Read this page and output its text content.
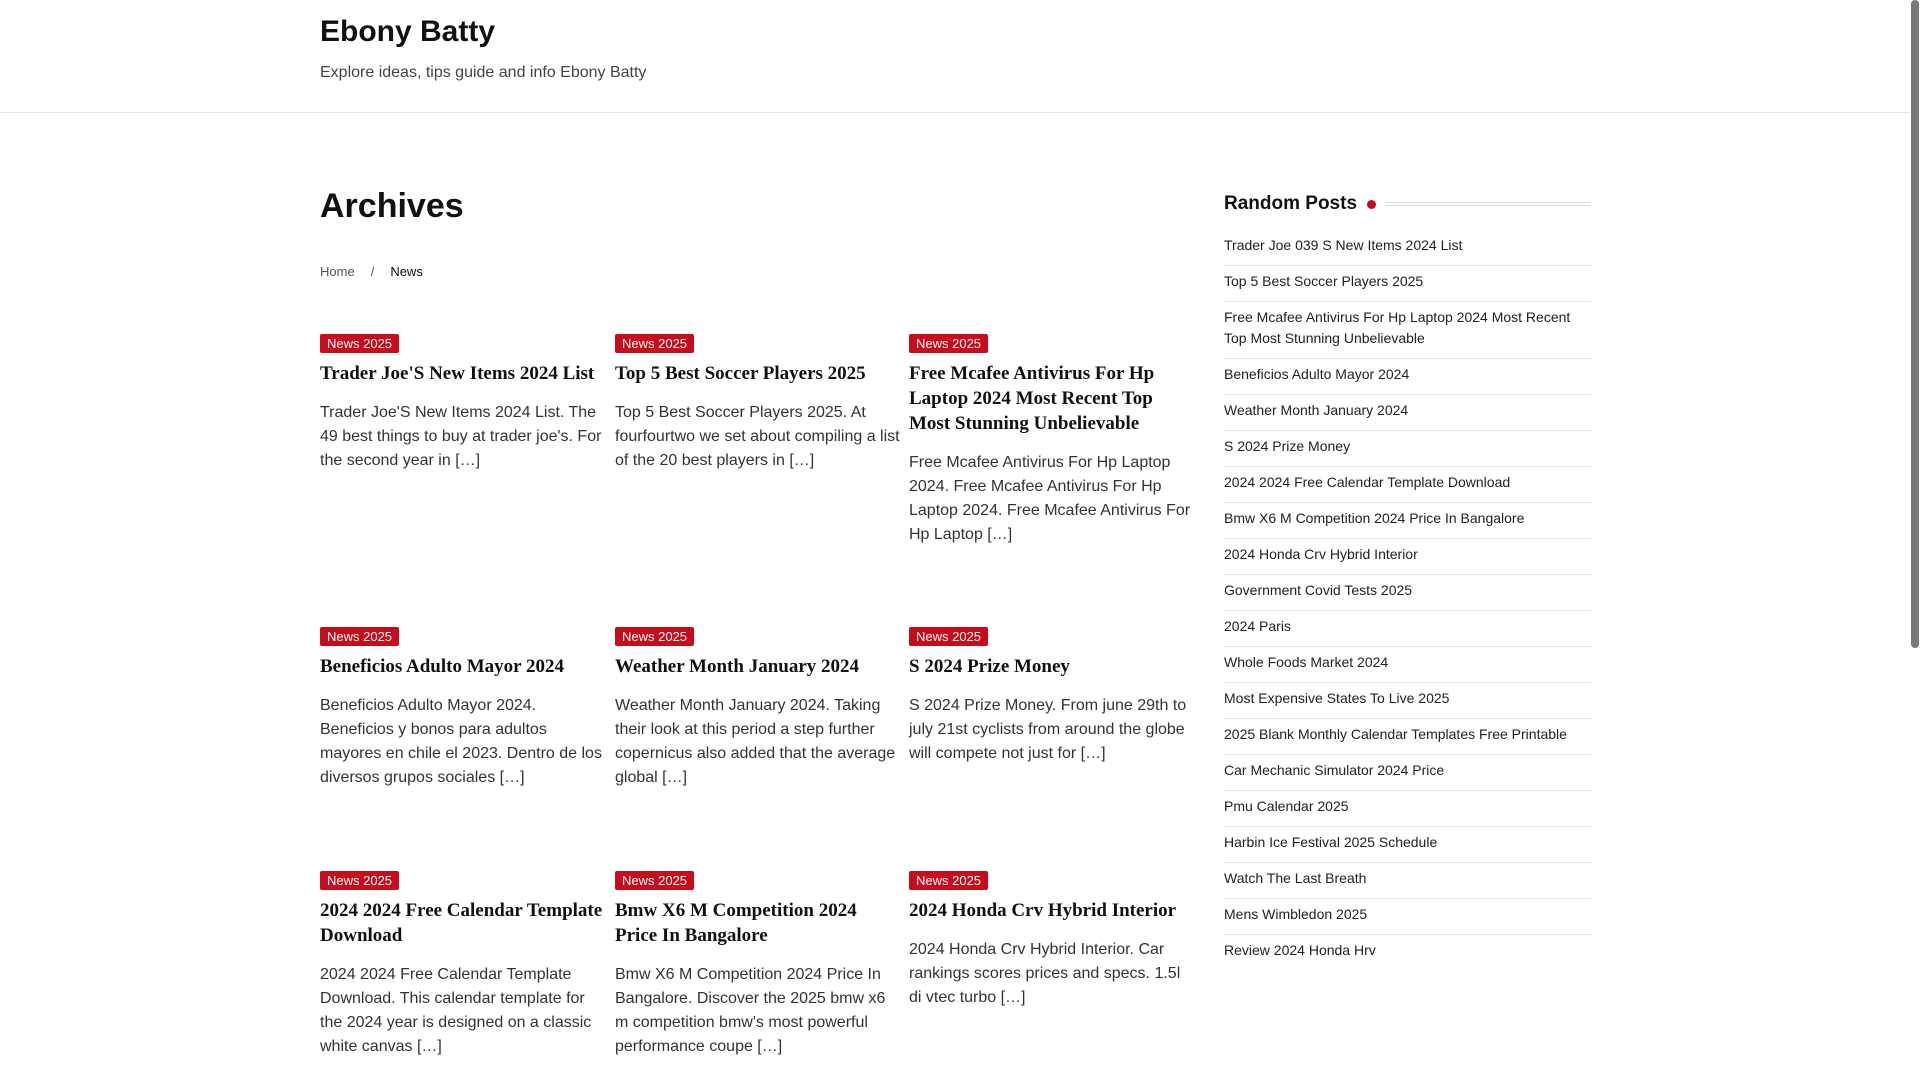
Ebony Batty
Explore ideas, tips guide and info Ebony Batty
Archives
Home / News
News 2025
Trader Joe'S New Items 2024 List
Trader Joe'S New Items 2024 List. The 49 best things to buy at trader joe's. For the second year in […]
News 2025
Top 5 Best Soccer Players 2025
Top 5 Best Soccer Players 2025. At fourfourtwo we set about compiling a list of the 20 best players in […]
News 2025
Free Mcafee Antivirus For Hp Laptop 2024 Most Recent Top Most Stunning Unbelievable
Free Mcafee Antivirus For Hp Laptop 2024. Free Mcafee Antivirus For Hp Laptop 2024. Free Mcafee Antivirus For Hp Laptop […]
News 2025
Beneficios Adulto Mayor 2024
Beneficios Adulto Mayor 2024. Beneficios y bonos para adultos mayores en chile el 2023. Dentro de los diversos grupos sociales […]
News 2025
Weather Month January 2024
Weather Month January 2024. Taking their look at this period a step further copernicus also added that the average global […]
News 2025
S 2024 Prize Money
S 2024 Prize Money. From june 29th to july 21st cyclists from around the globe will compete not just for […]
News 2025
2024 2024 Free Calendar Template Download
2024 2024 Free Calendar Template Download. This calendar template for the 2024 year is designed on a classic white canvas […]
News 2025
Bmw X6 M Competition 2024 Price In Bangalore
Bmw X6 M Competition 2024 Price In Bangalore. Discover the 2025 bmw x6 m competition bmw's most powerful performance coupe […]
News 2025
2024 Honda Crv Hybrid Interior
2024 Honda Crv Hybrid Interior. Car rankings scores prices and specs. 1.5l di vtec turbo […]
Random Posts
Trader Joe 039 S New Items 2024 List
Top 5 Best Soccer Players 2025
Free Mcafee Antivirus For Hp Laptop 2024 Most Recent Top Most Stunning Unbelievable
Beneficios Adulto Mayor 2024
Weather Month January 2024
S 2024 Prize Money
2024 2024 Free Calendar Template Download
Bmw X6 M Competition 2024 Price In Bangalore
2024 Honda Crv Hybrid Interior
Government Covid Tests 2025
2024 Paris
Whole Foods Market 2024
Most Expensive States To Live 2025
2025 Blank Monthly Calendar Templates Free Printable
Car Mechanic Simulator 2024 Price
Pmu Calendar 2025
Harbin Ice Festival 2025 Schedule
Watch The Last Breath
Mens Wimbledon 2025
Review 2024 Honda Hrv
